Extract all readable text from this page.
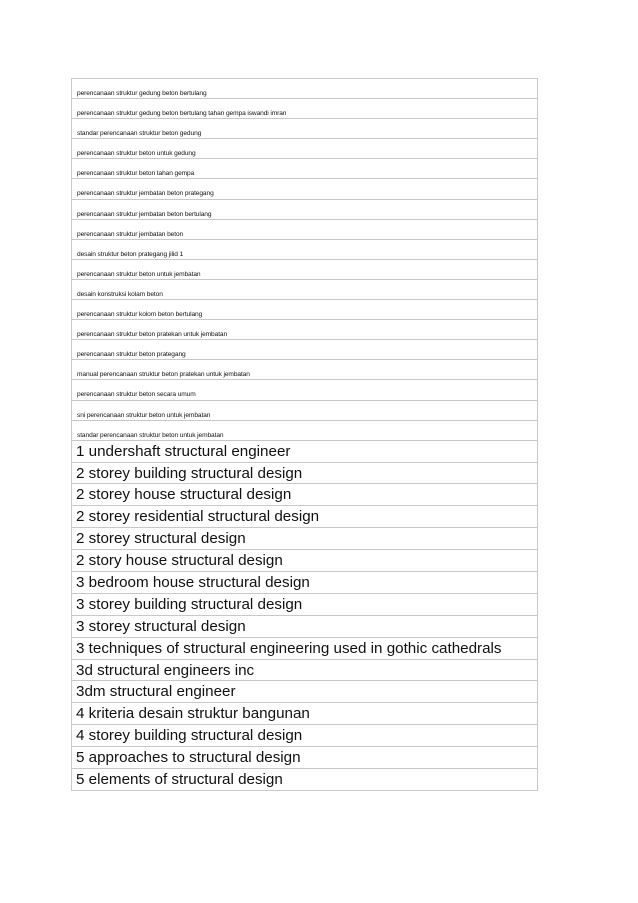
perencanaan struktur gedung beton bertulang
perencanaan struktur gedung beton bertulang tahan gempa iswandi imran
standar perencanaan struktur beton gedung
perencanaan struktur beton untuk gedung
perencanaan struktur beton tahan gempa
perencanaan struktur jembatan beton prategang
perencanaan struktur jembatan beton bertulang
perencanaan struktur jembatan beton
desain struktur beton prategang jilid 1
perencanaan struktur beton untuk jembatan
desain konstruksi kolam beton
perencanaan struktur kolom beton bertulang
perencanaan struktur beton pratekan untuk jembatan
perencanaan struktur beton prategang
manual perencanaan struktur beton pratekan untuk jembatan
perencanaan struktur beton secara umum
sni perencanaan struktur beton untuk jembatan
standar perencanaan struktur beton untuk jembatan
1 undershaft structural engineer
2 storey building structural design
2 storey house structural design
2 storey residential structural design
2 storey structural design
2 story house structural design
3 bedroom house structural design
3 storey building structural design
3 storey structural design
3 techniques of structural engineering used in gothic cathedrals
3d structural engineers inc
3dm structural engineer
4 kriteria desain struktur bangunan
4 storey building structural design
5 approaches to structural design
5 elements of structural design
